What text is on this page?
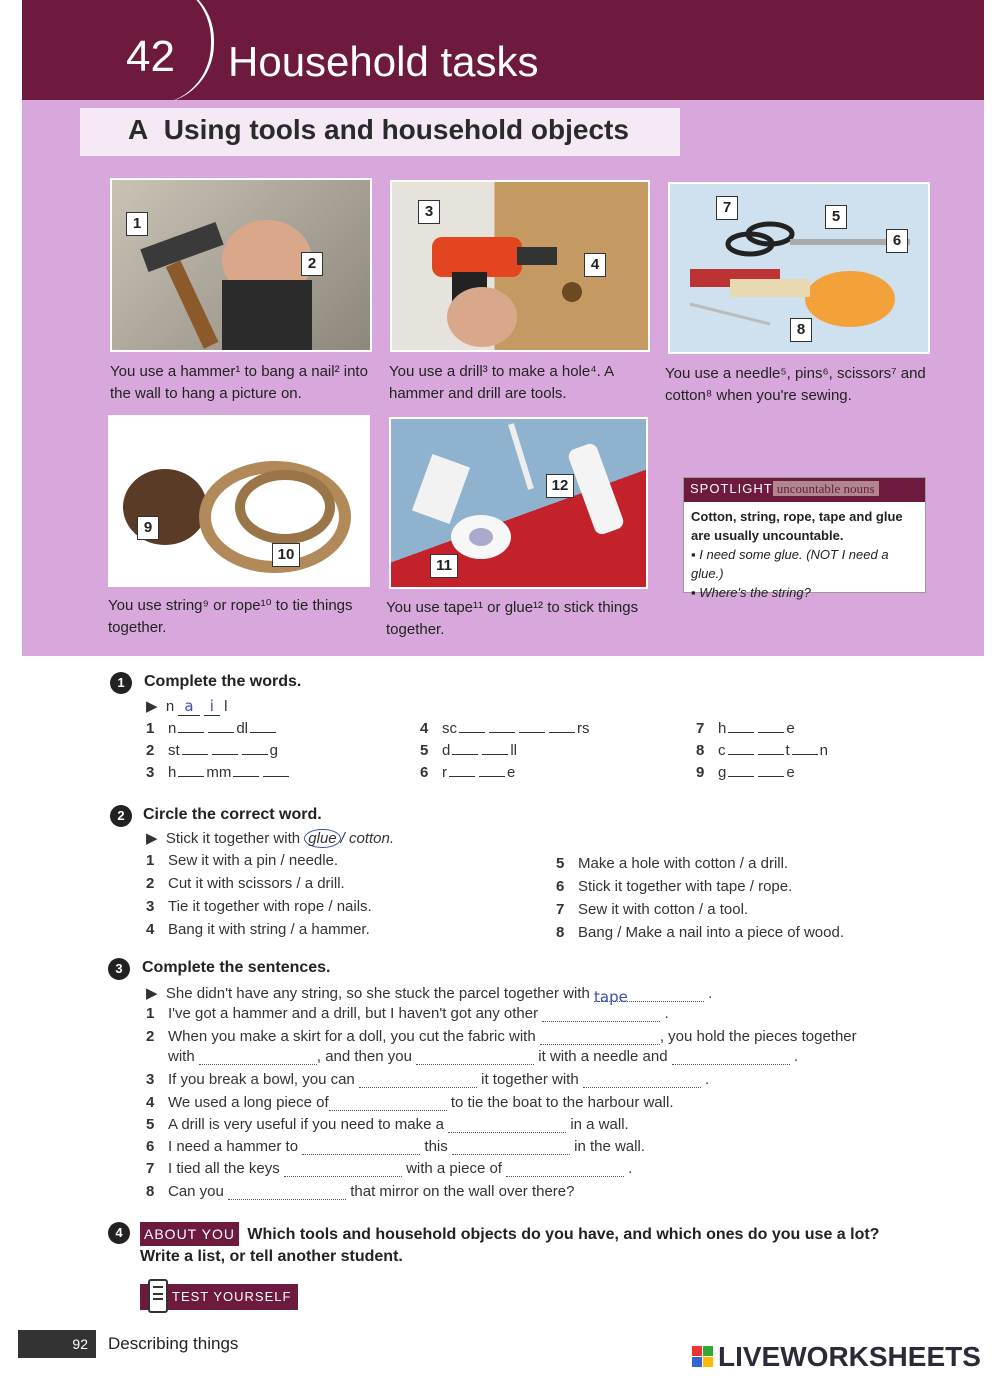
42 Household tasks
A Using tools and household objects
1
2
You use a hammer¹ to bang a nail² into the wall to hang a picture on.
3
4
You use a drill³ to make a hole⁴. A hammer and drill are tools.
7
5
6
8
You use a needle⁵, pins⁶, scissors⁷ and cotton⁸ when you're sewing.
9
10
You use string⁹ or rope¹⁰ to tie things together.
12
11
You use tape¹¹ or glue¹² to stick things together.
SPOTLIGHT uncountable nouns
Cotton, string, rope, tape and glue are usually uncountable.
▪ I need some glue. (NOT I need a glue.)
▪ Where's the string?
1	Complete the words.
▶  n a i l
1 n	dl
2 st	g
3 h mm
4 sc	rs
5 d	ll
6 r	e
7 h	e
8 c	t n
9 g	e
2	Circle the correct word.
▶  Stick it together with glue / cotton.
1 Sew it with a pin / needle.
2 Cut it with scissors / a drill.
3 Tie it together with rope / nails.
4 Bang it with string / a hammer.
5 Make a hole with cotton / a drill.
6 Stick it together with tape / rope.
7 Sew it with cotton / a tool.
8 Bang / Make a nail into a piece of wood.
3	Complete the sentences.
▶  She didn't have any string, so she stuck the parcel together with tape	.
1 I've got a hammer and a drill, but I haven't got any other	.
2 When you make a skirt for a doll, you cut the fabric with	, you hold the pieces together
with	, and then you	it with a needle and	.
3 If you break a bowl, you can	it together with	.
4 We used a long piece of	to tie the boat to the harbour wall.
5 A drill is very useful if you need to make a	in a wall.
6 I need a hammer to	this	in the wall.
7 I tied all the keys	with a piece of	.
8 Can you	that mirror on the wall over there?
4	ABOUT YOU Which tools and household objects do you have, and which ones do you use a lot?
Write a list, or tell another student.
TEST YOURSELF
92	Describing things	LIVEWORKSHEETS
